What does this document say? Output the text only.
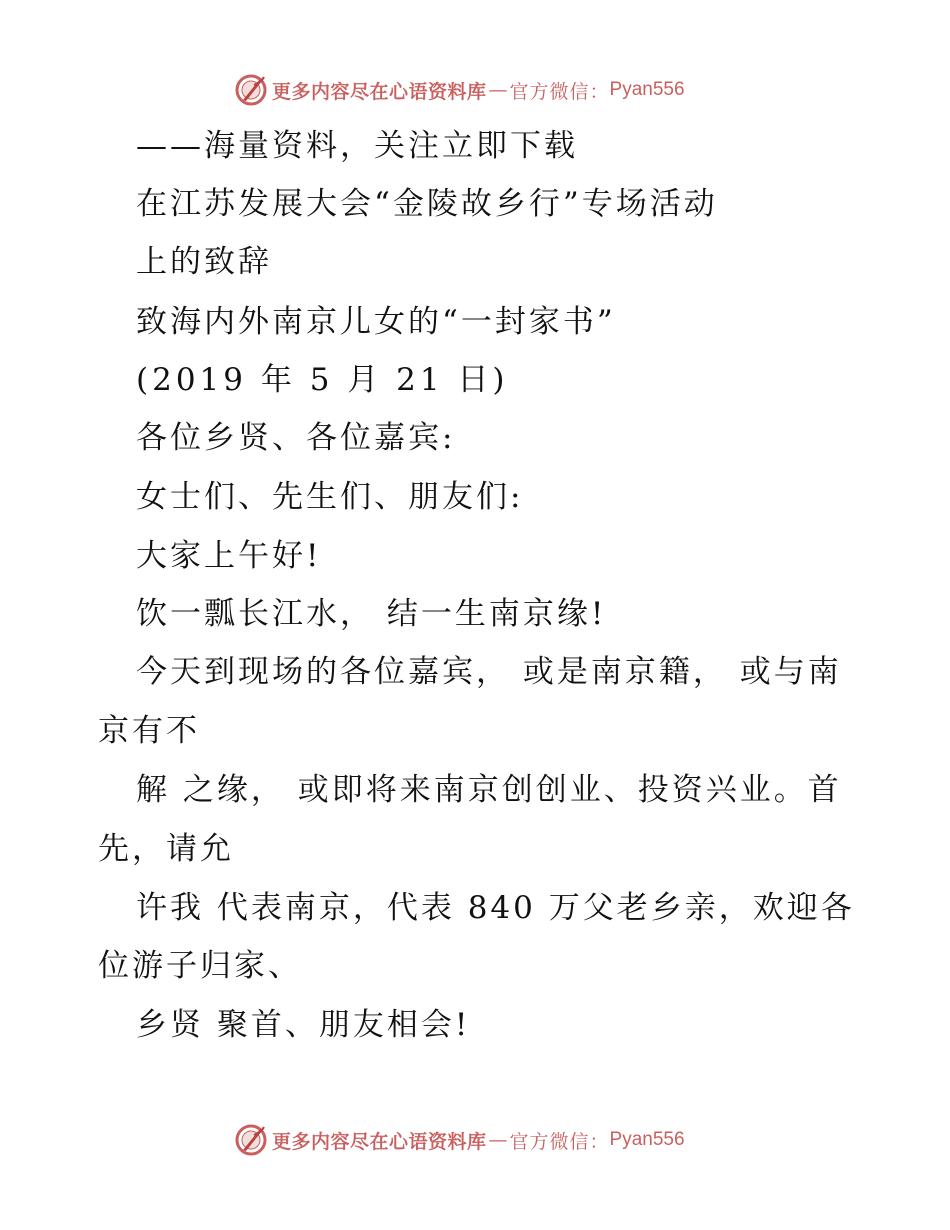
更多内容尽在心语资料库 — 官方微信： Pyan556
——海量资料，关注立即下载
在江苏发展大会“金陵故乡行”专场活动
上的致辞
致海内外南京儿女的“一封家书”
(2019 年 5 月 21 日)
各位乡贤、各位嘉宾:
女士们、先生们、朋友们:
大家上午好!
饮一瓢长江水， 结一生南京缘!
今天到现场的各位嘉宾， 或是南京籍， 或与南
京有不
解 之缘， 或即将来南京创创业、投资兴业。首
先，请允
许我 代表南京，代表 840 万父老乡亲，欢迎各
位游子归家、
乡贤 聚首、朋友相会!
更多内容尽在心语资料库 — 官方微信： Pyan556
